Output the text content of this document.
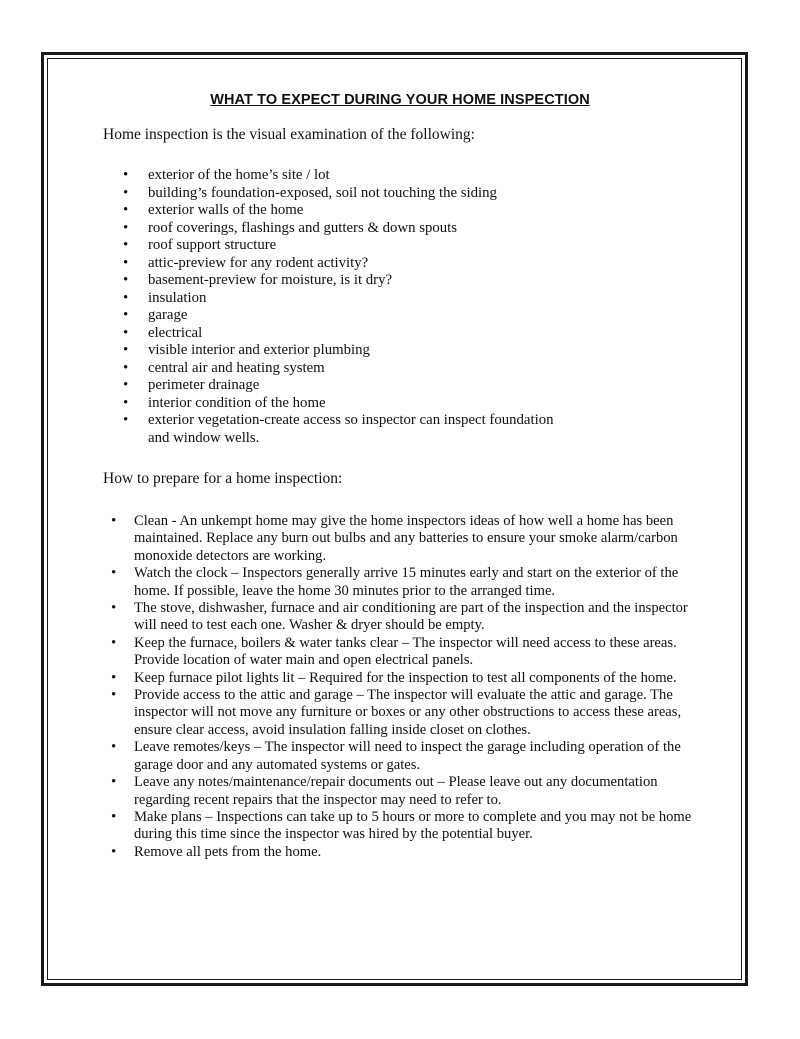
WHAT TO EXPECT DURING YOUR HOME INSPECTION
Home inspection is the visual examination of the following:
• exterior of the home’s site / lot
• building’s foundation-exposed, soil not touching the siding
• exterior walls of the home
• roof coverings, flashings and gutters & down spouts
• roof support structure
• attic-preview for any rodent activity?
• basement-preview for moisture, is it dry?
• insulation
• garage
• electrical
• visible interior and exterior plumbing
• central air and heating system
• perimeter drainage
• interior condition of the home
• exterior vegetation-create access so inspector can inspect foundation and window wells.
How to prepare for a home inspection:
• Clean - An unkempt home may give the home inspectors ideas of how well a home has been maintained. Replace any burn out bulbs and any batteries to ensure your smoke alarm/carbon monoxide detectors are working.
• Watch the clock – Inspectors generally arrive 15 minutes early and start on the exterior of the home. If possible, leave the home 30 minutes prior to the arranged time.
• The stove, dishwasher, furnace and air conditioning are part of the inspection and the inspector will need to test each one. Washer & dryer should be empty.
• Keep the furnace, boilers & water tanks clear – The inspector will need access to these areas. Provide location of water main and open electrical panels.
• Keep furnace pilot lights lit – Required for the inspection to test all components of the home.
• Provide access to the attic and garage – The inspector will evaluate the attic and garage. The inspector will not move any furniture or boxes or any other obstructions to access these areas, ensure clear access, avoid insulation falling inside closet on clothes.
• Leave remotes/keys – The inspector will need to inspect the garage including operation of the garage door and any automated systems or gates.
• Leave any notes/maintenance/repair documents out – Please leave out any documentation regarding recent repairs that the inspector may need to refer to.
• Make plans – Inspections can take up to 5 hours or more to complete and you may not be home during this time since the inspector was hired by the potential buyer.
• Remove all pets from the home.
